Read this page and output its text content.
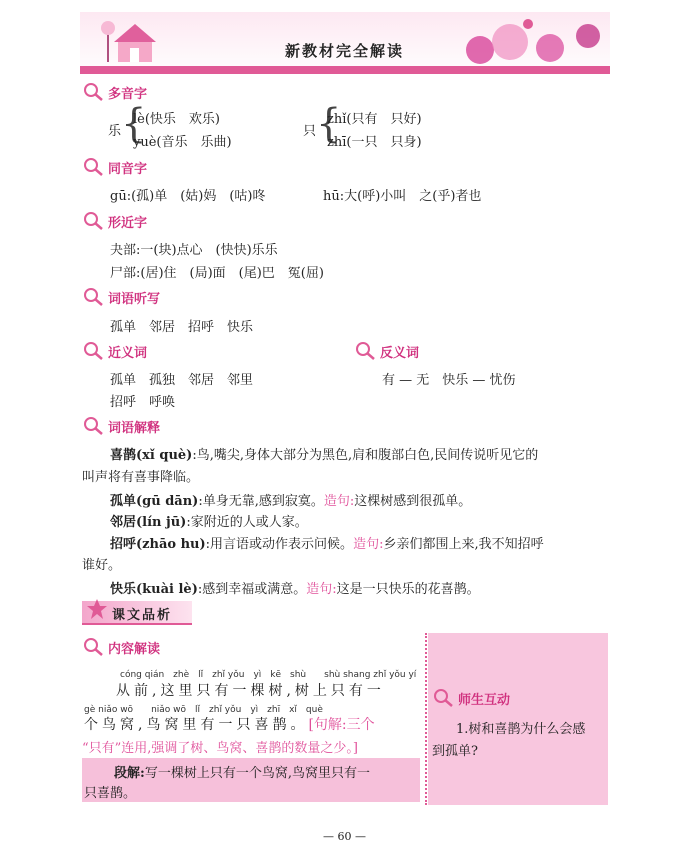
新教材完全解读
多音字
乐 {
lè(快乐　欢乐)
yuè(音乐　乐曲)
只 {
zhǐ(只有　只好)
zhī(一只　只身)
同音字
gū:(孤)单　(姑)妈　(咕)咚	hū:大(呼)小叫　之(乎)者也
形近字
夬部:一(块)点心　(快快)乐乐
尸部:(居)住　(局)面　(尾)巴　冤(屈)
词语听写
孤单　邻居　招呼　快乐
近义词	反义词
孤单　孤独　邻居　邻里
招呼　呼唤
有 — 无　快乐 — 忧伤
词语解释
喜鹊(xǐ què):鸟,嘴尖,身体大部分为黑色,肩和腹部白色,民间传说听见它的
叫声将有喜事降临。
孤单(gū dān):单身无靠,感到寂寞。造句:这棵树感到很孤单。
邻居(lín jū):家附近的人或人家。
招呼(zhāo hu):用言语或动作表示问候。造句:乡亲们都围上来,我不知招呼
谁好。
快乐(kuài lè):感到幸福或满意。造句:这是一只快乐的花喜鹊。
课文品析
内容解读
cóng qián　zhè　lǐ　zhǐ yǒu　yì　kē　shù　　shù shang zhǐ yǒu yí
从前,这里只有一棵树,树上只有一
gè niǎo wō　　niǎo wō　lǐ　zhǐ yǒu　yì　zhī　xǐ　què
个鸟窝,鸟窝里有一只喜鹊。[句解:三个
“只有”连用,强调了树、鸟窝、喜鹊的数量之少。]
段解:写一棵树上只有一个鸟窝,鸟窝里只有一
只喜鹊。
师生互动
1.树和喜鹊为什么会感
到孤单?
— 60 —
